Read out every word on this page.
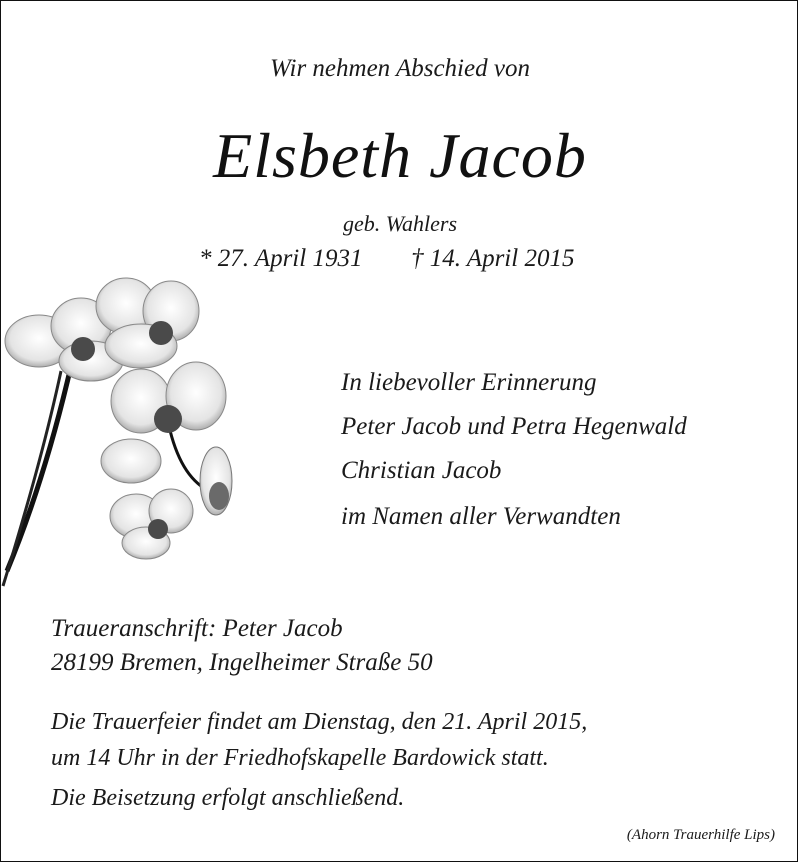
Wir nehmen Abschied von
Elsbeth Jacob
geb. Wahlers
* 27. April 1931 † 14. April 2015
In liebevoller Erinnerung
Peter Jacob und Petra Hegenwald
Christian Jacob
im Namen aller Verwandten
Traueranschrift: Peter Jacob
28199 Bremen, Ingelheimer Straße 50
Die Trauerfeier findet am Dienstag, den 21. April 2015,
um 14 Uhr in der Friedhofskapelle Bardowick statt.
Die Beisetzung erfolgt anschließend.
(Ahorn Trauerhilfe Lips)
